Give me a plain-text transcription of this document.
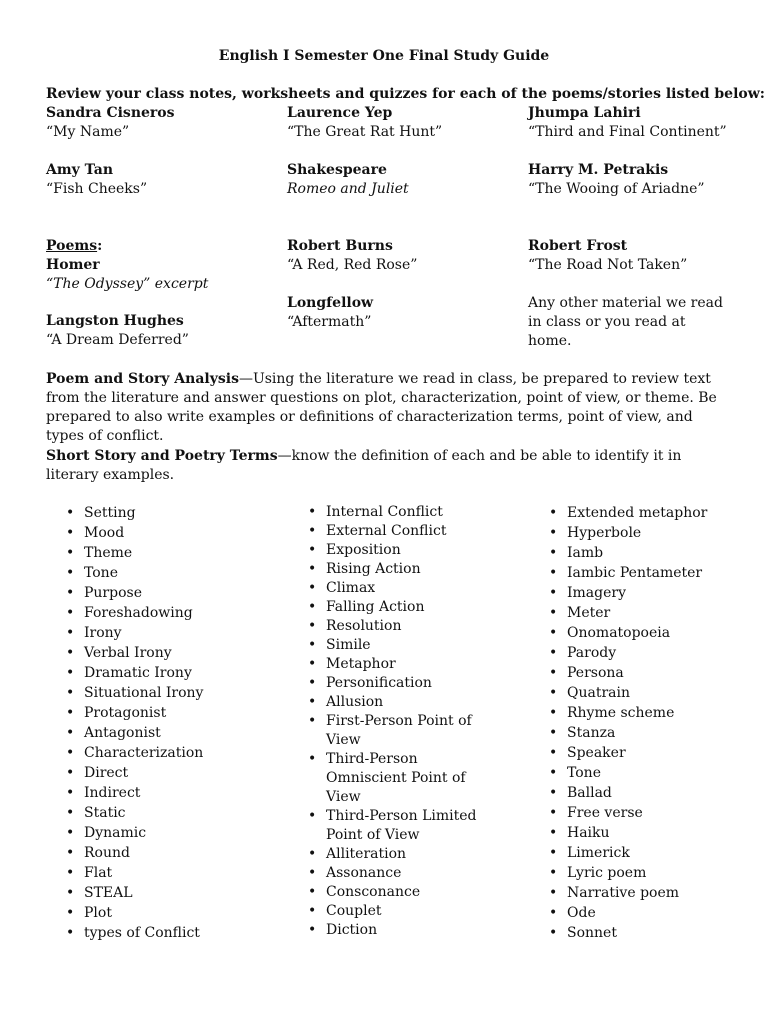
English I Semester One Final Study Guide
Review your class notes, worksheets and quizzes for each of the poems/stories listed below:
Sandra Cisneros
“My Name”
Laurence Yep
“The Great Rat Hunt”
Jhumpa Lahiri
“Third and Final Continent”
Amy Tan
“Fish Cheeks”
Shakespeare
Romeo and Juliet
Harry M. Petrakis
“The Wooing of Ariadne”
Poems:
Homer
“The Odyssey” excerpt
Robert Burns
“A Red, Red Rose”
Robert Frost
“The Road Not Taken”
Longfellow
“Aftermath”
Any other material we read in class or you read at home.
Langston Hughes
“A Dream Deferred”
Poem and Story Analysis—Using the literature we read in class, be prepared to review text from the literature and answer questions on plot, characterization, point of view, or theme. Be prepared to also write examples or definitions of characterization terms, point of view, and types of conflict.
Short Story and Poetry Terms—know the definition of each and be able to identify it in literary examples.
• Setting
• Mood
• Theme
• Tone
• Purpose
• Foreshadowing
• Irony
• Verbal Irony
• Dramatic Irony
• Situational Irony
• Protagonist
• Antagonist
• Characterization
• Direct
• Indirect
• Static
• Dynamic
• Round
• Flat
• STEAL
• Plot
• types of Conflict
• Internal Conflict
• External Conflict
• Exposition
• Rising Action
• Climax
• Falling Action
• Resolution
• Simile
• Metaphor
• Personification
• Allusion
• First-Person Point of View
• Third-Person Omniscient Point of View
• Third-Person Limited Point of View
• Alliteration
• Assonance
• Consconance
• Couplet
• Diction
• Extended metaphor
• Hyperbole
• Iamb
• Iambic Pentameter
• Imagery
• Meter
• Onomatopoeia
• Parody
• Persona
• Quatrain
• Rhyme scheme
• Stanza
• Speaker
• Tone
• Ballad
• Free verse
• Haiku
• Limerick
• Lyric poem
• Narrative poem
• Ode
• Sonnet
